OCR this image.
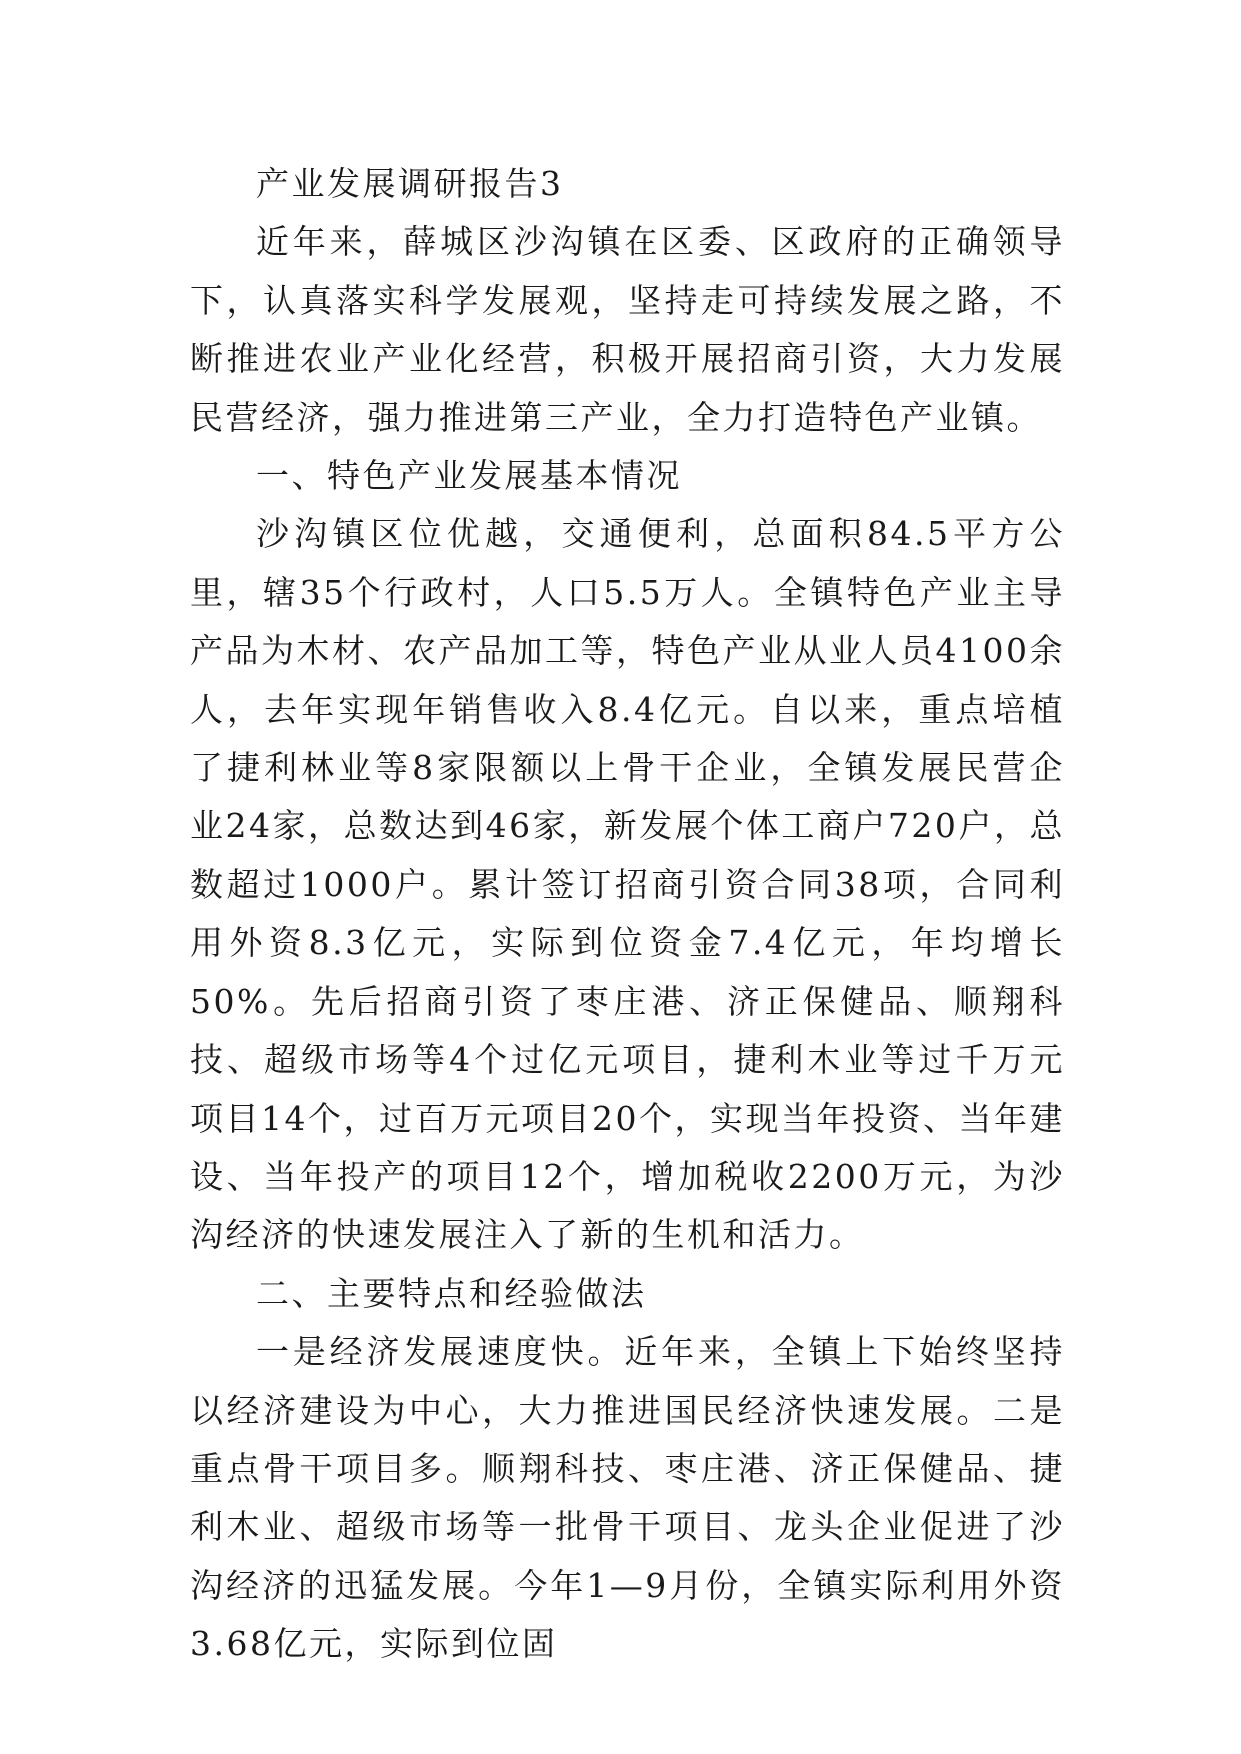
产业发展调研报告3

近年来，薛城区沙沟镇在区委、区政府的正确领导下，认真落实科学发展观，坚持走可持续发展之路，不断推进农业产业化经营，积极开展招商引资，大力发展民营经济，强力推进第三产业，全力打造特色产业镇。

一、特色产业发展基本情况

沙沟镇区位优越，交通便利，总面积84.5平方公里，辖35个行政村，人口5.5万人。全镇特色产业主导产品为木材、农产品加工等，特色产业从业人员4100余人，去年实现年销售收入8.4亿元。自以来，重点培植了捷利林业等8家限额以上骨干企业，全镇发展民营企业24家，总数达到46家，新发展个体工商户720户，总数超过1000户。累计签订招商引资合同38项，合同利用外资8.3亿元，实际到位资金7.4亿元，年均增长50%。先后招商引资了枣庄港、济正保健品、顺翔科技、超级市场等4个过亿元项目，捷利木业等过千万元项目14个，过百万元项目20个，实现当年投资、当年建设、当年投产的项目12个，增加税收2200万元，为沙沟经济的快速发展注入了新的生机和活力。

二、主要特点和经验做法

一是经济发展速度快。近年来，全镇上下始终坚持以经济建设为中心，大力推进国民经济快速发展。二是重点骨干项目多。顺翔科技、枣庄港、济正保健品、捷利木业、超级市场等一批骨干项目、龙头企业促进了沙沟经济的迅猛发展。今年1—9月份，全镇实际利用外资3.68亿元，实际到位固
